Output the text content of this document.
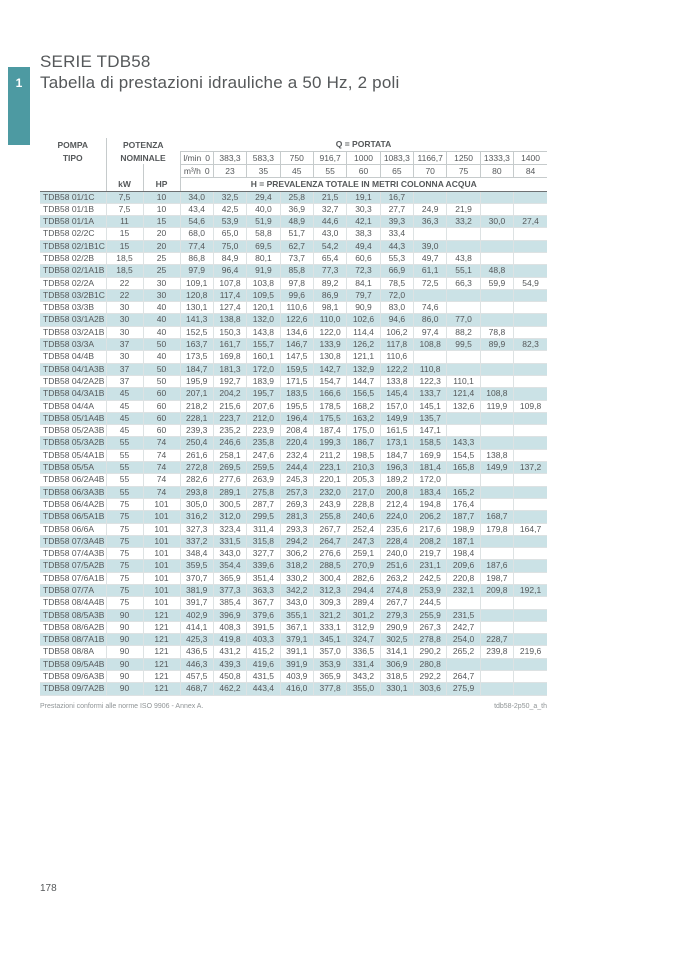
1
SERIE TDB58
Tabella di prestazioni idrauliche a 50 Hz, 2 poli
POMPA	POTENZA		Q = PORTATA										
TIPO	NOMINALE		l/min 0	383,3	583,3	750	916,7	1000	1083,3	1166,7	1250	1333,3	1400
			m³/h 0	23	35	45	55	60	65	70	75	80	84
	kW	HP	H = PREVALENZA TOTALE IN METRI COLONNA ACQUA										
TDB58 01/1C	7,5	10	34,0	32,5	29,4	25,8	21,5	19,1	16,7				
TDB58 01/1B	7,5	10	43,4	42,5	40,0	36,9	32,7	30,3	27,7	24,9	21,9		
TDB58 01/1A	11	15	54,6	53,9	51,9	48,9	44,6	42,1	39,3	36,3	33,2	30,0	27,4
TDB58 02/2C	15	20	68,0	65,0	58,8	51,7	43,0	38,3	33,4				
TDB58 02/1B1C	15	20	77,4	75,0	69,5	62,7	54,2	49,4	44,3	39,0			
TDB58 02/2B	18,5	25	86,8	84,9	80,1	73,7	65,4	60,6	55,3	49,7	43,8		
TDB58 02/1A1B	18,5	25	97,9	96,4	91,9	85,8	77,3	72,3	66,9	61,1	55,1	48,8	
TDB58 02/2A	22	30	109,1	107,8	103,8	97,8	89,2	84,1	78,5	72,5	66,3	59,9	54,9
TDB58 03/2B1C	22	30	120,8	117,4	109,5	99,6	86,9	79,7	72,0				
TDB58 03/3B	30	40	130,1	127,4	120,1	110,6	98,1	90,9	83,0	74,6			
TDB58 03/1A2B	30	40	141,3	138,8	132,0	122,6	110,0	102,6	94,6	86,0	77,0		
TDB58 03/2A1B	30	40	152,5	150,3	143,8	134,6	122,0	114,4	106,2	97,4	88,2	78,8	
TDB58 03/3A	37	50	163,7	161,7	155,7	146,7	133,9	126,2	117,8	108,8	99,5	89,9	82,3
TDB58 04/4B	30	40	173,5	169,8	160,1	147,5	130,8	121,1	110,6				
TDB58 04/1A3B	37	50	184,7	181,3	172,0	159,5	142,7	132,9	122,2	110,8			
TDB58 04/2A2B	37	50	195,9	192,7	183,9	171,5	154,7	144,7	133,8	122,3	110,1		
TDB58 04/3A1B	45	60	207,1	204,2	195,7	183,5	166,6	156,5	145,4	133,7	121,4	108,8	
TDB58 04/4A	45	60	218,2	215,6	207,6	195,5	178,5	168,2	157,0	145,1	132,6	119,9	109,8
TDB58 05/1A4B	45	60	228,1	223,7	212,0	196,4	175,5	163,2	149,9	135,7			
TDB58 05/2A3B	45	60	239,3	235,2	223,9	208,4	187,4	175,0	161,5	147,1			
TDB58 05/3A2B	55	74	250,4	246,6	235,8	220,4	199,3	186,7	173,1	158,5	143,3		
TDB58 05/4A1B	55	74	261,6	258,1	247,6	232,4	211,2	198,5	184,7	169,9	154,5	138,8	
TDB58 05/5A	55	74	272,8	269,5	259,5	244,4	223,1	210,3	196,3	181,4	165,8	149,9	137,2
TDB58 06/2A4B	55	74	282,6	277,6	263,9	245,3	220,1	205,3	189,2	172,0			
TDB58 06/3A3B	55	74	293,8	289,1	275,8	257,3	232,0	217,0	200,8	183,4	165,2		
TDB58 06/4A2B	75	101	305,0	300,5	287,7	269,3	243,9	228,8	212,4	194,8	176,4		
TDB58 06/5A1B	75	101	316,2	312,0	299,5	281,3	255,8	240,6	224,0	206,2	187,7	168,7	
TDB58 06/6A	75	101	327,3	323,4	311,4	293,3	267,7	252,4	235,6	217,6	198,9	179,8	164,7
TDB58 07/3A4B	75	101	337,2	331,5	315,8	294,2	264,7	247,3	228,4	208,2	187,1		
TDB58 07/4A3B	75	101	348,4	343,0	327,7	306,2	276,6	259,1	240,0	219,7	198,4		
TDB58 07/5A2B	75	101	359,5	354,4	339,6	318,2	288,5	270,9	251,6	231,1	209,6	187,6	
TDB58 07/6A1B	75	101	370,7	365,9	351,4	330,2	300,4	282,6	263,2	242,5	220,8	198,7	
TDB58 07/7A	75	101	381,9	377,3	363,3	342,2	312,3	294,4	274,8	253,9	232,1	209,8	192,1
TDB58 08/4A4B	75	101	391,7	385,4	367,7	343,0	309,3	289,4	267,7	244,5			
TDB58 08/5A3B	90	121	402,9	396,9	379,6	355,1	321,2	301,2	279,3	255,9	231,5		
TDB58 08/6A2B	90	121	414,1	408,3	391,5	367,1	333,1	312,9	290,9	267,3	242,7		
TDB58 08/7A1B	90	121	425,3	419,8	403,3	379,1	345,1	324,7	302,5	278,8	254,0	228,7	
TDB58 08/8A	90	121	436,5	431,2	415,2	391,1	357,0	336,5	314,1	290,2	265,2	239,8	219,6
TDB58 09/5A4B	90	121	446,3	439,3	419,6	391,9	353,9	331,4	306,9	280,8			
TDB58 09/6A3B	90	121	457,5	450,8	431,5	403,9	365,9	343,2	318,5	292,2	264,7		
TDB58 09/7A2B	90	121	468,7	462,2	443,4	416,0	377,8	355,0	330,1	303,6	275,9		
Prestazioni conformi alle norme ISO 9906 - Annex A.	tdb58-2p50_a_th
178
